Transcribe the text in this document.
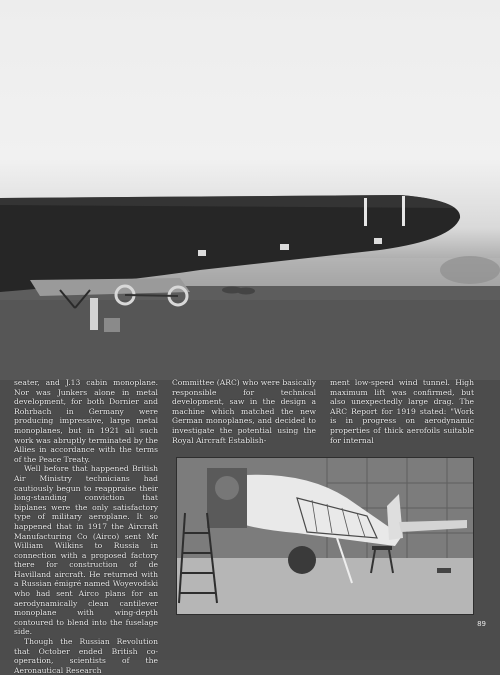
seater, and J.13 cabin monoplane. Nor was Junkers alone in metal development, for both Dornier and Rohrbach in Germany were producing impressive, large metal monoplanes, but in 1921 all such work was abruptly terminated by the Allies in accordance with the terms of the Peace Treaty.

Well before that happened British Air Ministry technicians had cautiously begun to reappraise their long-standing conviction that biplanes were the only satisfactory type of military aeroplane. It so happened that in 1917 the Aircraft Manufacturing Co (Airco) sent Mr William Wilkins to Russia in connection with a proposed factory there for construction of de Havilland aircraft. He returned with a Russian émigré named Woyevodski who had sent Airco plans for an aerodynamically clean cantilever monoplane with wing-depth contoured to blend into the fuselage side.

Though the Russian Revolution that October ended British co-operation, scientists of the Aeronautical Research

Committee (ARC) who were basically responsible for technical development, saw in the design a machine which matched the new German monoplanes, and decided to investigate the potential using the Royal Aircraft Establish-

ment low-speed wind tunnel. High maximum lift was confirmed, but also unexpectedly large drag. The ARC Report for 1919 stated: "Work is in progress on aerodynamic properties of thick aerofoils suitable for internal

89
